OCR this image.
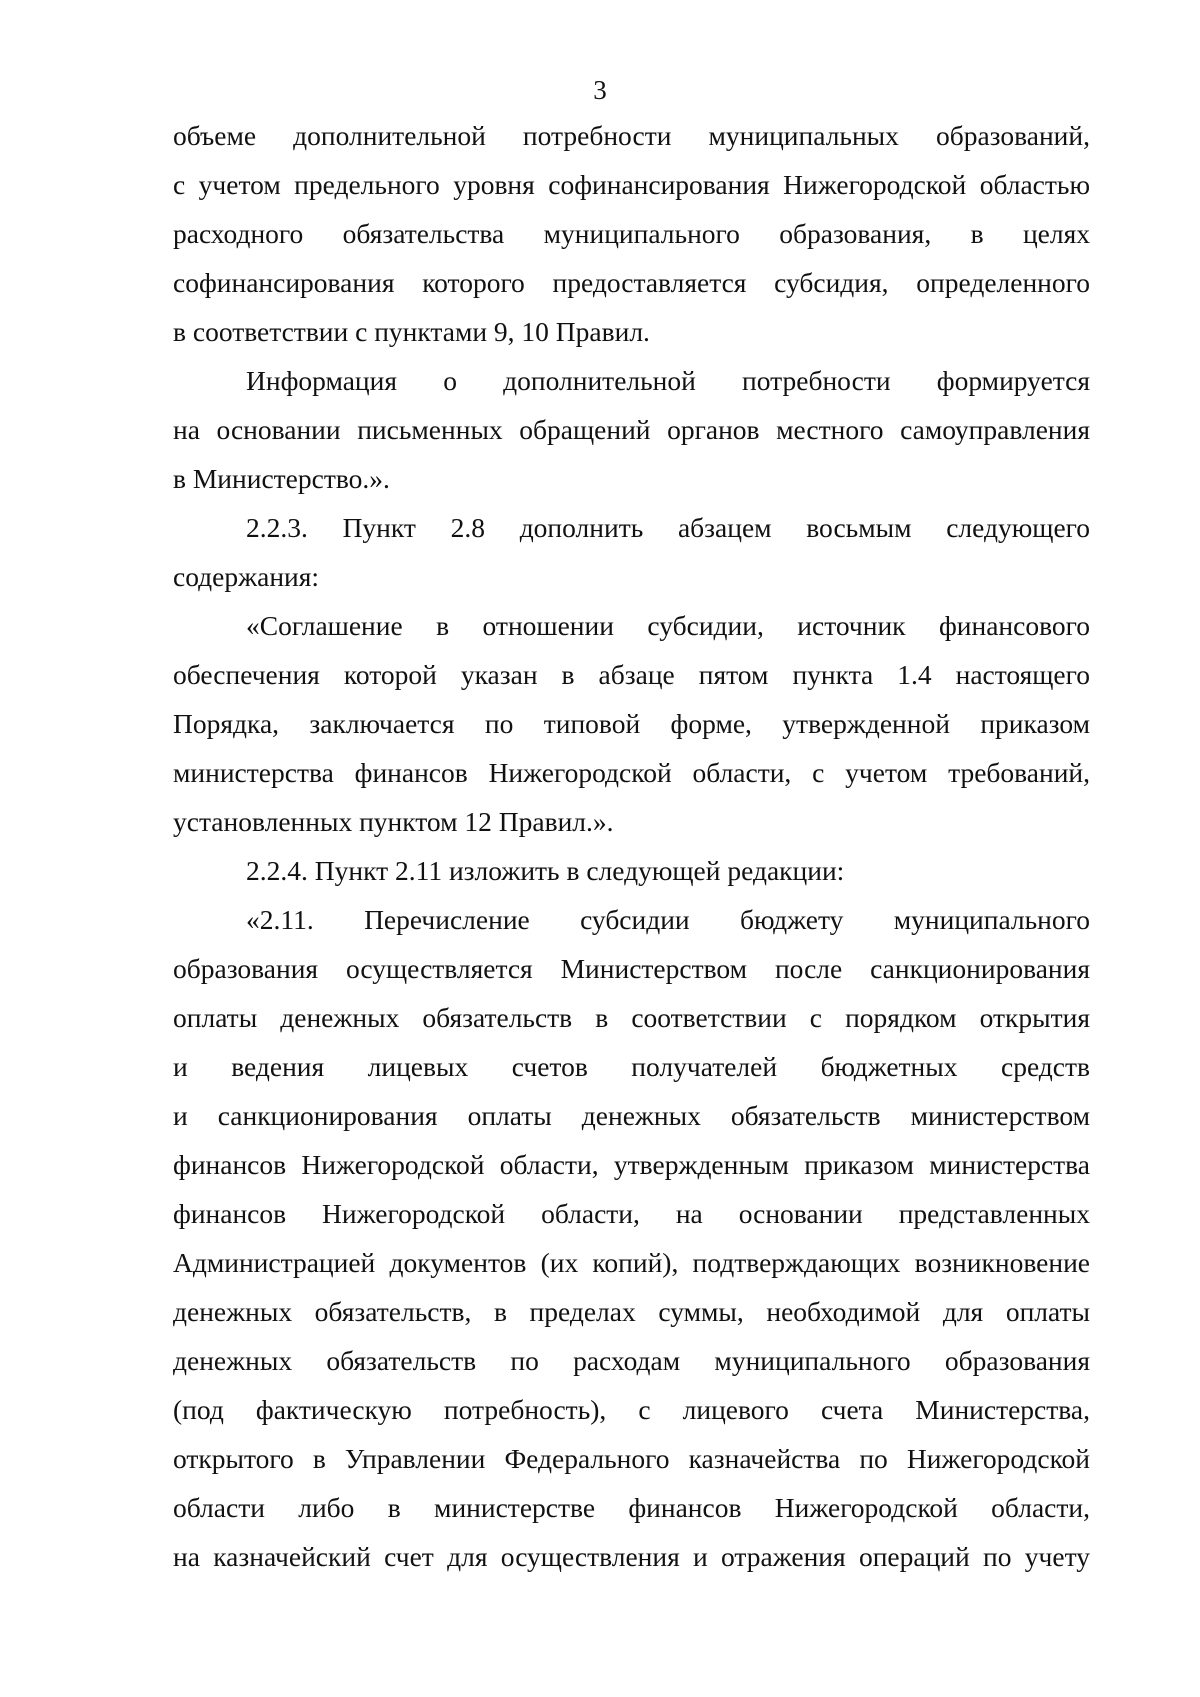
3

объеме дополнительной потребности муниципальных образований,
с учетом предельного уровня софинансирования Нижегородской областью
расходного обязательства муниципального образования, в целях
софинансирования которого предоставляется субсидия, определенного
в соответствии с пунктами 9, 10 Правил.

Информация о дополнительной потребности формируется
на основании письменных обращений органов местного самоуправления
в Министерство.».

2.2.3. Пункт 2.8 дополнить абзацем восьмым следующего
содержания:

«Соглашение в отношении субсидии, источник финансового
обеспечения которой указан в абзаце пятом пункта 1.4 настоящего
Порядка, заключается по типовой форме, утвержденной приказом
министерства финансов Нижегородской области, с учетом требований,
установленных пунктом 12 Правил.».

2.2.4. Пункт 2.11 изложить в следующей редакции:

«2.11. Перечисление субсидии бюджету муниципального
образования осуществляется Министерством после санкционирования
оплаты денежных обязательств в соответствии с порядком открытия
и ведения лицевых счетов получателей бюджетных средств
и санкционирования оплаты денежных обязательств министерством
финансов Нижегородской области, утвержденным приказом министерства
финансов Нижегородской области, на основании представленных
Администрацией документов (их копий), подтверждающих возникновение
денежных обязательств, в пределах суммы, необходимой для оплаты
денежных обязательств по расходам муниципального образования
(под фактическую потребность), с лицевого счета Министерства,
открытого в Управлении Федерального казначейства по Нижегородской
области либо в министерстве финансов Нижегородской области,
на казначейский счет для осуществления и отражения операций по учету
